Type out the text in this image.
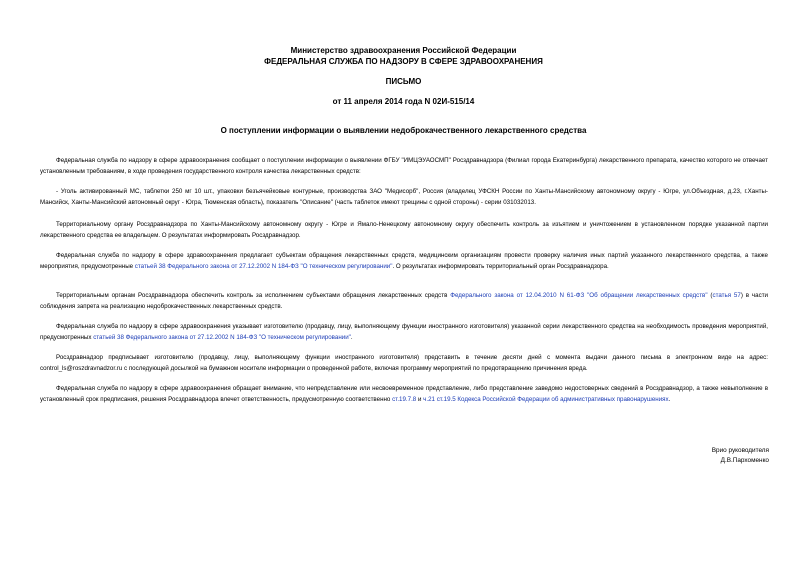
Министерство здравоохранения Российской Федерации
ФЕДЕРАЛЬНАЯ СЛУЖБА ПО НАДЗОРУ В СФЕРЕ ЗДРАВООХРАНЕНИЯ
ПИСЬМО
от 11 апреля 2014 года N 02И-515/14
О поступлении информации о выявлении недоброкачественного лекарственного средства

Федеральная служба по надзору в сфере здравоохранения сообщает о поступлении информации о выявлении ФГБУ "ИМЦЭУАОСМП" Росздравнадзора (Филиал города Екатеринбурга) лекарственного препарата, качество которого не отвечает установленным требованиям, в ходе проведения государственного контроля качества лекарственных средств:

- Уголь активированный МС, таблетки 250 мг 10 шт., упаковки безъячейковые контурные, производства ЗАО "Медисорб", Россия (владелец УФСКН России по Ханты-Мансийскому автономному округу - Югре, ул.Объездная, д.23, г.Ханты-Мансийск, Ханты-Мансийский автономный округ - Югра, Тюменская область), показатель "Описание" (часть таблеток имеют трещины с одной стороны) - серии 031032013.

Территориальному органу Росздравнадзора по Ханты-Мансийскому автономному округу - Югре и Ямало-Ненецкому автономному округу обеспечить контроль за изъятием и уничтожением в установленном порядке указанной партии лекарственного средства ее владельцем. О результатах информировать Росздравнадзор.

Федеральная служба по надзору в сфере здравоохранения предлагает субъектам обращения лекарственных средств, медицинским организациям провести проверку наличия иных партий указанного лекарственного средства, а также мероприятия, предусмотренные статьей 38 Федерального закона от 27.12.2002 N 184-ФЗ "О техническом регулировании". О результатах информировать территориальный орган Росздравнадзора.

Территориальным органам Росздравнадзора обеспечить контроль за исполнением субъектами обращения лекарственных средств Федерального закона от 12.04.2010 N 61-ФЗ "Об обращении лекарственных средств" (статья 57) в части соблюдения запрета на реализацию недоброкачественных лекарственных средств.

Федеральная служба по надзору в сфере здравоохранения указывает изготовителю (продавцу, лицу, выполняющему функции иностранного изготовителя) указанной серии лекарственного средства на необходимость проведения мероприятий, предусмотренных статьей 38 Федерального закона от 27.12.2002 N 184-ФЗ "О техническом регулировании".

Росздравнадзор предписывает изготовителю (продавцу, лицу, выполняющему функции иностранного изготовителя) представить в течение десяти дней с момента выдачи данного письма в электронном виде на адрес: control_ls@roszdravnadzor.ru с последующей досылкой на бумажном носителе информации о проведенной работе, включая программу мероприятий по предотвращению причинения вреда.

Федеральная служба по надзору в сфере здравоохранения обращает внимание, что непредставление или несвоевременное представление, либо представление заведомо недостоверных сведений в Росздравнадзор, а также невыполнение в установленный срок предписания, решения Росздравнадзора влечет ответственность, предусмотренную соответственно ст.19.7.8 и ч.21 ст.19.5 Кодекса Российской Федерации об административных правонарушениях.

Врио руководителя
Д.В.Пархоменко
